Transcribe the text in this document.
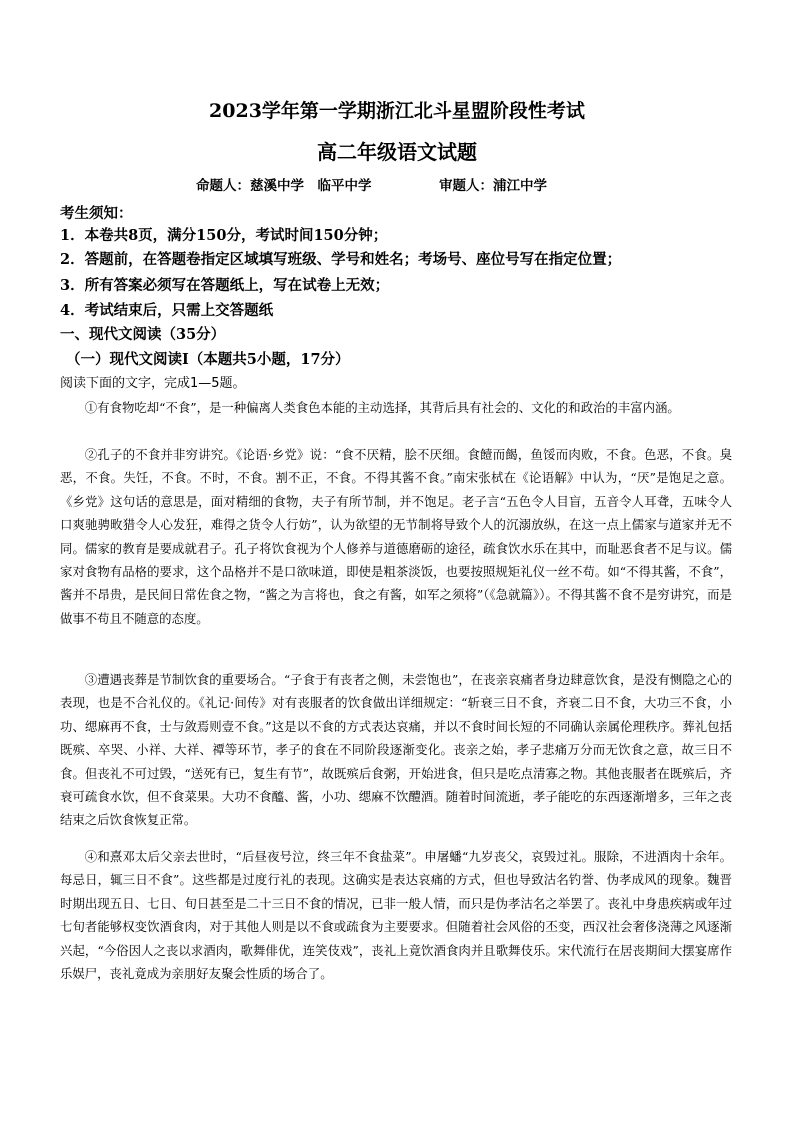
2023学年第一学期浙江北斗星盟阶段性考试
高二年级语文试题
命题人：慈溪中学　临平中学　　　　　审题人：浦江中学
考生须知：
1．本卷共8页，满分150分，考试时间150分钟；
2．答题前，在答题卷指定区域填写班级、学号和姓名；考场号、座位号写在指定位置；
3．所有答案必须写在答题纸上，写在试卷上无效；
4．考试结束后，只需上交答题纸
一、现代文阅读（35分）
（一）现代文阅读Ⅰ（本题共5小题，17分）
阅读下面的文字，完成1—5题。

①有食物吃却“不食”，是一种偏离人类食色本能的主动选择，其背后具有社会的、文化的和政治的丰富内涵。

②孔子的不食并非穷讲究。《论语·乡党》说：“食不厌精，脍不厌细。食饐而餲，鱼馁而肉败，不食。色恶，不食。臭恶，不食。失饪，不食。不时，不食。割不正，不食。不得其酱不食。”南宋张栻在《论语解》中认为，“厌”是饱足之意。《乡党》这句话的意思是，面对精细的食物，夫子有所节制，并不饱足。老子言“五色令人目盲，五音令人耳聋，五味令人口爽驰骋畋猎令人心发狂，难得之货令人行妨”，认为欲望的无节制将导致个人的沉溺放纵，在这一点上儒家与道家并无不同。儒家的教育是要成就君子。孔子将饮食视为个人修养与道德磨砺的途径，疏食饮水乐在其中，而耻恶食者不足与议。儒家对食物有品格的要求，这个品格并不是口欲味道，即使是粗茶淡饭，也要按照规矩礼仪一丝不苟。如“不得其酱，不食”，酱并不昂贵，是民间日常佐食之物，“酱之为言将也，食之有酱，如军之须将”（《急就篇》）。不得其酱不食不是穷讲究，而是做事不苟且不随意的态度。

③遭遇丧葬是节制饮食的重要场合。“子食于有丧者之侧，未尝饱也”，在丧亲哀痛者身边肆意饮食，是没有恻隐之心的表现，也是不合礼仪的。《礼记·间传》对有丧服者的饮食做出详细规定：“斩衰三日不食，齐衰二日不食，大功三不食，小功、缌麻再不食，士与敛焉则壹不食。”这是以不食的方式表达哀痛，并以不食时间长短的不同确认亲属伦理秩序。葬礼包括既殡、卒哭、小祥、大祥、禫等环节，孝子的食在不同阶段逐渐变化。丧亲之始，孝子悲痛万分而无饮食之意，故三日不食。但丧礼不可过毁，“送死有已，复生有节”，故既殡后食粥，开始进食，但只是吃点清寡之物。其他丧服者在既殡后，齐衰可疏食水饮，但不食菜果。大功不食醯、酱，小功、缌麻不饮醴酒。随着时间流逝，孝子能吃的东西逐渐增多，三年之丧结束之后饮食恢复正常。

④和熹邓太后父亲去世时，“后昼夜号泣，终三年不食盐菜”。申屠蟠“九岁丧父，哀毁过礼。服除，不进酒肉十余年。每忌日，辄三日不食”。这些都是过度行礼的表现。这确实是表达哀痛的方式，但也导致沽名钓誉、伪孝成风的现象。魏晋时期出现五日、七日、旬日甚至是二十三日不食的情况，已非一般人情，而只是伪孝沽名之举罢了。丧礼中身患疾病或年过七旬者能够权变饮酒食肉，对于其他人则是以不食或疏食为主要要求。但随着社会风俗的丕变，西汉社会奢侈浇薄之风逐渐兴起，“今俗因人之丧以求酒肉，歌舞俳优，连笑伎戏”，丧礼上竟饮酒食肉并且歌舞伎乐。宋代流行在居丧期间大摆宴席作乐娱尸，丧礼竟成为亲朋好友聚会性质的场合了。
